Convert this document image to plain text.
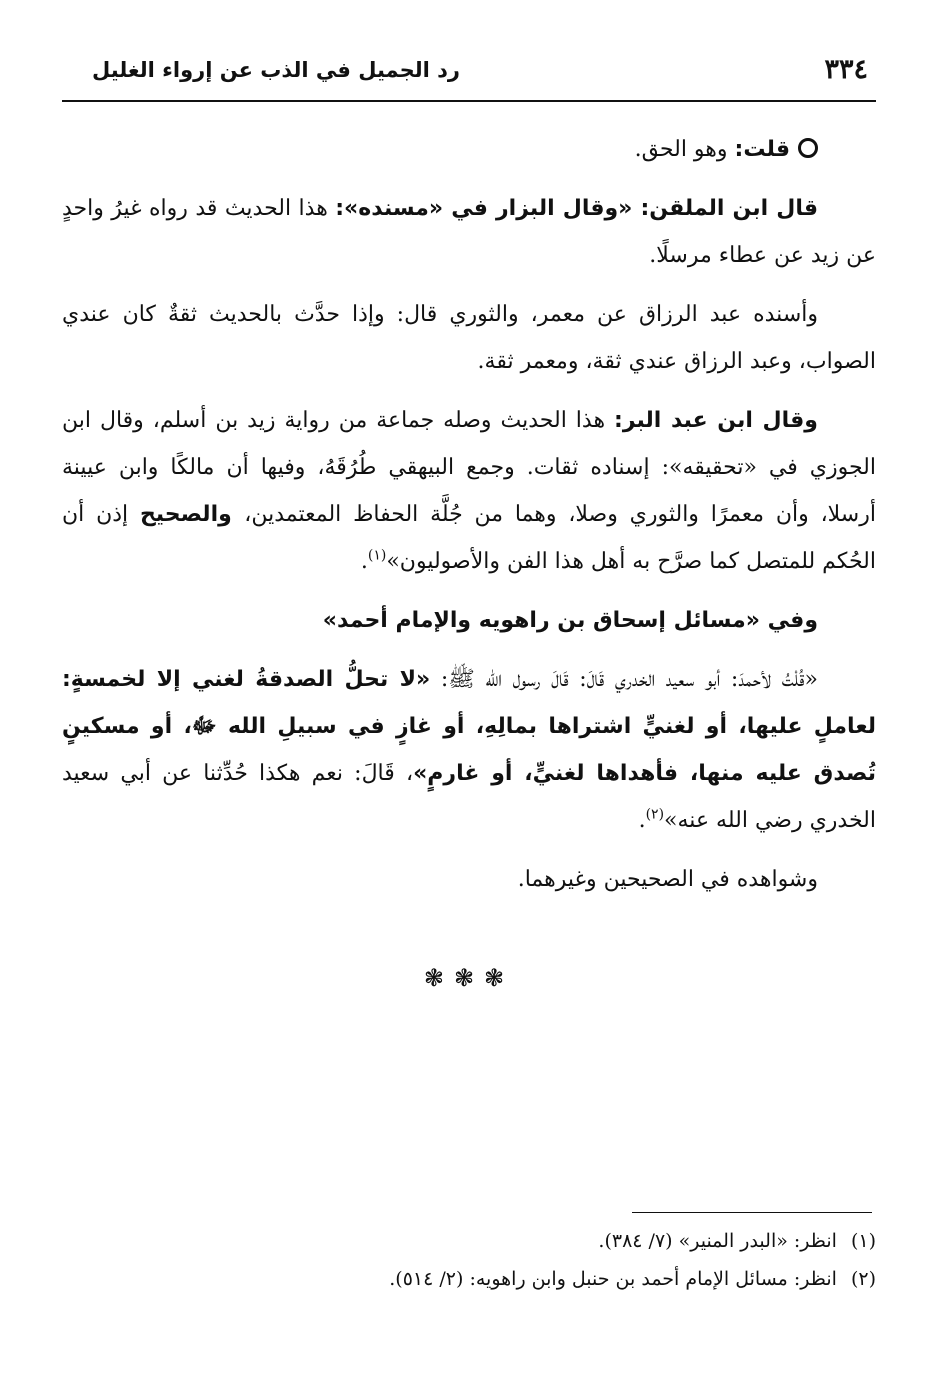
٣٣٤
رد الجميل في الذب عن إرواء الغليل

قلت: وهو الحق.

قال ابن الملقن: «وقال البزار في «مسنده»: هذا الحديث قد رواه غيرُ واحدٍ عن زيد عن عطاء مرسلًا.

وأسنده عبد الرزاق عن معمر، والثوري قال: وإذا حدَّث بالحديث ثقةٌ كان عندي الصواب، وعبد الرزاق عندي ثقة، ومعمر ثقة.

وقال ابن عبد البر: هذا الحديث وصله جماعة من رواية زيد بن أسلم، وقال ابن الجوزي في «تحقيقه»: إسناده ثقات. وجمع البيهقي طُرُقَهُ، وفيها أن مالكًا وابن عيينة أرسلا، وأن معمرًا والثوري وصلا، وهما من جُلَّة الحفاظ المعتمدين، والصحيح إذن أن الحُكم للمتصل كما صرَّح به أهل هذا الفن والأصوليون»$^{(١)}$.

وفي «مسائل إسحاق بن راهويه والإمام أحمد»

«قُلْتُ لأحمدَ: أبو سعيد الخدري قَالَ: قَالَ رسول الله ﷺ: «لا تحلُّ الصدقةُ لغني إلا لخمسةٍ: لعاملٍ عليها، أو لغنيٍّ اشتراها بمالِهِ، أو غازٍ في سبيلِ الله ﷻ، أو مسكينٍ تُصدق عليه منها، فأهداها لغنيٍّ، أو غارمٍ»، قَالَ: نعم هكذا حُدِّثنا عن أبي سعيد الخدري رضي الله عنه»$^{(٢)}$.

وشواهده في الصحيحين وغيرهما.

❃❃❃

(١)انظر: «البدر المنير» (٧/ ٣٨٤).

(٢)انظر: مسائل الإمام أحمد بن حنبل وابن راهويه: (٢/ ٥١٤).
